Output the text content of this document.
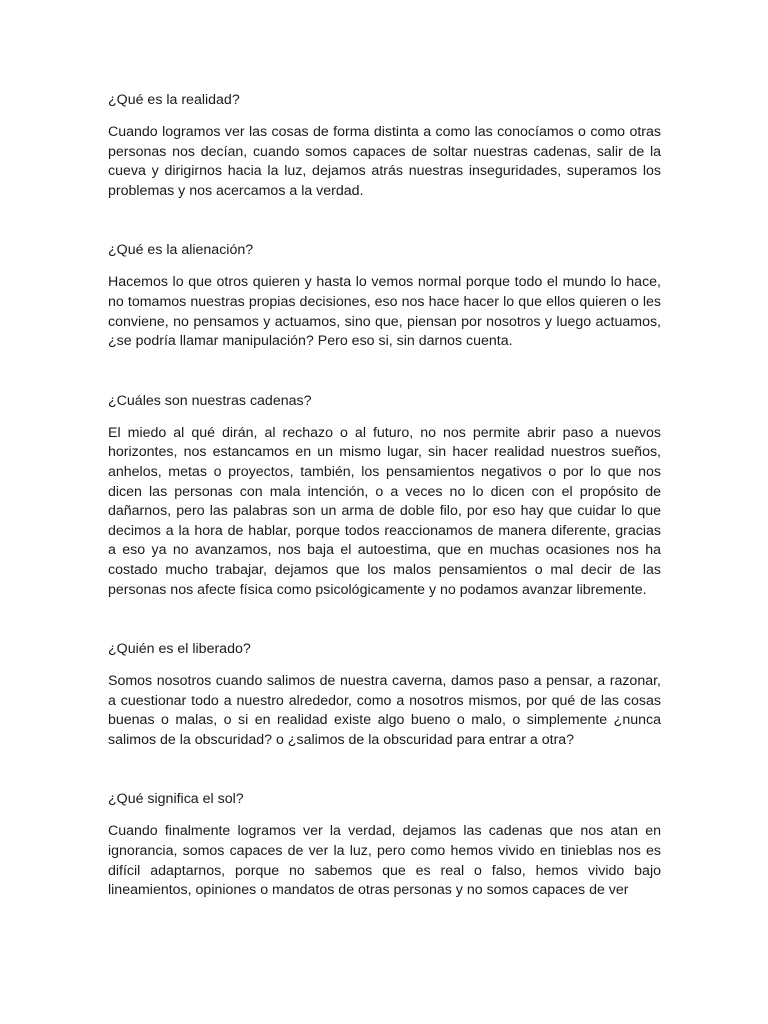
¿Qué es la realidad?

Cuando logramos ver las cosas de forma distinta a como las conocíamos o como otras personas nos decían, cuando somos capaces de soltar nuestras cadenas, salir de la cueva y dirigirnos hacia la luz, dejamos atrás nuestras inseguridades, superamos los problemas y nos acercamos a la verdad.

¿Qué es la alienación?

Hacemos lo que otros quieren y hasta lo vemos normal porque todo el mundo lo hace, no tomamos nuestras propias decisiones, eso nos hace hacer lo que ellos quieren o les conviene, no pensamos y actuamos, sino que, piensan por nosotros y luego actuamos, ¿se podría llamar manipulación? Pero eso si, sin darnos cuenta.

¿Cuáles son nuestras cadenas?

El miedo al qué dirán, al rechazo o al futuro, no nos permite abrir paso a nuevos horizontes, nos estancamos en un mismo lugar, sin hacer realidad nuestros sueños, anhelos, metas o proyectos, también, los pensamientos negativos o por lo que nos dicen las personas con mala intención, o a veces no lo dicen con el propósito de dañarnos, pero las palabras son un arma de doble filo, por eso hay que cuidar lo que decimos a la hora de hablar, porque todos reaccionamos de manera diferente, gracias a eso ya no avanzamos, nos baja el autoestima, que en muchas ocasiones nos ha costado mucho trabajar, dejamos que los malos pensamientos o mal decir de las personas nos afecte física como psicológicamente y no podamos avanzar libremente.

¿Quién es el liberado?

Somos nosotros cuando salimos de nuestra caverna, damos paso a pensar, a razonar, a cuestionar todo a nuestro alrededor, como a nosotros mismos, por qué de las cosas buenas o malas, o si en realidad existe algo bueno o malo, o simplemente ¿nunca salimos de la obscuridad? o ¿salimos de la obscuridad para entrar a otra?

¿Qué significa el sol?

Cuando finalmente logramos ver la verdad, dejamos las cadenas que nos atan en ignorancia, somos capaces de ver la luz, pero como hemos vivido en tinieblas nos es difícil adaptarnos, porque no sabemos que es real o falso, hemos vivido bajo lineamientos, opiniones o mandatos de otras personas y no somos capaces de ver
